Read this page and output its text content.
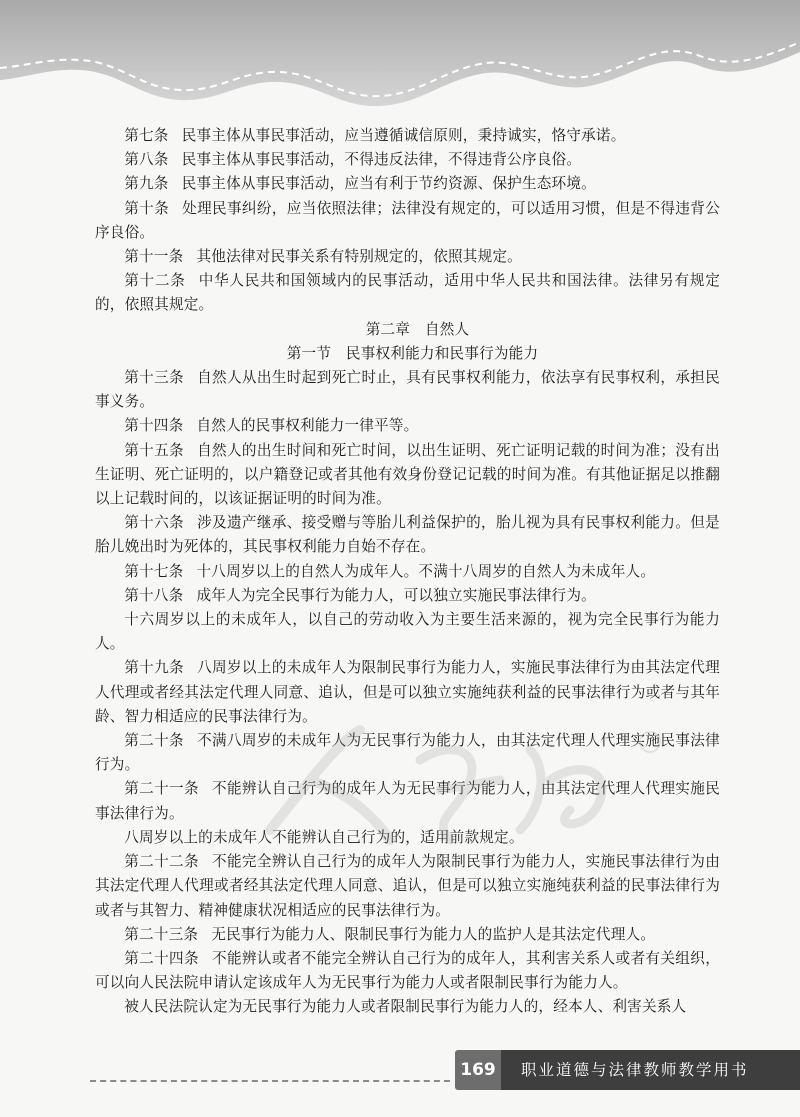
第七条 民事主体从事民事活动，应当遵循诚信原则，秉持诚实，恪守承诺。

第八条 民事主体从事民事活动，不得违反法律，不得违背公序良俗。

第九条 民事主体从事民事活动，应当有利于节约资源、保护生态环境。

第十条 处理民事纠纷，应当依照法律；法律没有规定的，可以适用习惯，但是不得违背公序良俗。

第十一条 其他法律对民事关系有特别规定的，依照其规定。

第十二条 中华人民共和国领域内的民事活动，适用中华人民共和国法律。法律另有规定的，依照其规定。

第二章　自然人
第一节　民事权利能力和民事行为能力

第十三条 自然人从出生时起到死亡时止，具有民事权利能力，依法享有民事权利，承担民事义务。

第十四条 自然人的民事权利能力一律平等。

第十五条 自然人的出生时间和死亡时间，以出生证明、死亡证明记载的时间为准；没有出生证明、死亡证明的，以户籍登记或者其他有效身份登记记载的时间为准。有其他证据足以推翻以上记载时间的，以该证据证明的时间为准。

第十六条 涉及遗产继承、接受赠与等胎儿利益保护的，胎儿视为具有民事权利能力。但是胎儿娩出时为死体的，其民事权利能力自始不存在。

第十七条 十八周岁以上的自然人为成年人。不满十八周岁的自然人为未成年人。

第十八条 成年人为完全民事行为能力人，可以独立实施民事法律行为。

十六周岁以上的未成年人，以自己的劳动收入为主要生活来源的，视为完全民事行为能力人。

第十九条 八周岁以上的未成年人为限制民事行为能力人，实施民事法律行为由其法定代理人代理或者经其法定代理人同意、追认，但是可以独立实施纯获利益的民事法律行为或者与其年龄、智力相适应的民事法律行为。

第二十条 不满八周岁的未成年人为无民事行为能力人，由其法定代理人代理实施民事法律行为。

第二十一条 不能辨认自己行为的成年人为无民事行为能力人，由其法定代理人代理实施民事法律行为。

八周岁以上的未成年人不能辨认自己行为的，适用前款规定。

第二十二条 不能完全辨认自己行为的成年人为限制民事行为能力人，实施民事法律行为由其法定代理人代理或者经其法定代理人同意、追认，但是可以独立实施纯获利益的民事法律行为或者与其智力、精神健康状况相适应的民事法律行为。

第二十三条 无民事行为能力人、限制民事行为能力人的监护人是其法定代理人。

第二十四条 不能辨认或者不能完全辨认自己行为的成年人，其利害关系人或者有关组织，可以向人民法院申请认定该成年人为无民事行为能力人或者限制民事行为能力人。

被人民法院认定为无民事行为能力人或者限制民事行为能力人的，经本人、利害关系人

169	职业道德与法律教师教学用书
